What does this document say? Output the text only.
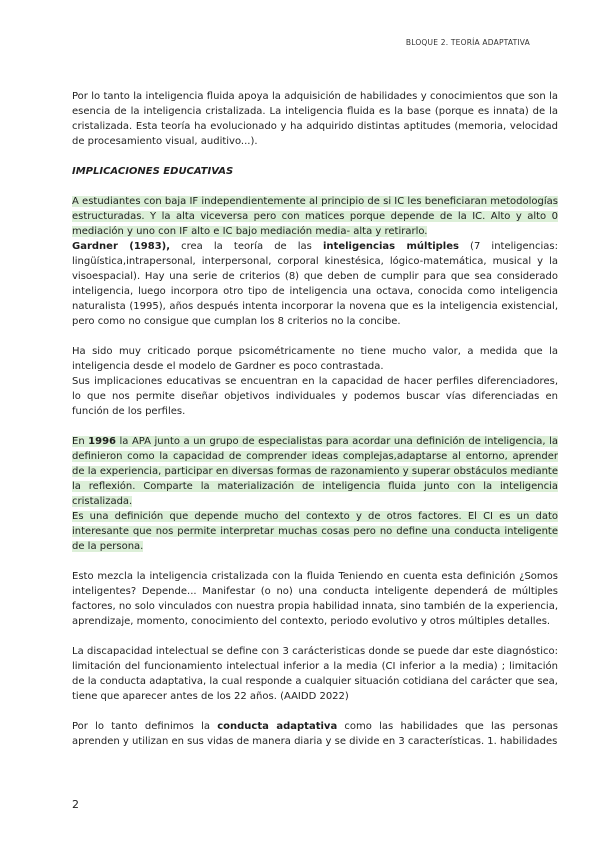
BLOQUE 2. TEORÍA ADAPTATIVA

Por lo tanto la inteligencia fluida apoya la adquisición de habilidades y conocimientos que son la esencia de la inteligencia cristalizada. La inteligencia fluida es la base (porque es innata) de la cristalizada. Esta teoría ha evolucionado y ha adquirido distintas aptitudes (memoria, velocidad de procesamiento visual, auditivo...).

IMPLICACIONES EDUCATIVAS

A estudiantes con baja IF independientemente al principio de si IC les beneficiaran metodologías estructuradas. Y la alta viceversa pero con matices porque depende de la IC. Alto y alto 0 mediación y uno con IF alto e IC bajo mediación media- alta y retirarlo.

Gardner (1983), crea la teoría de las inteligencias múltiples (7 inteligencias: lingüística,intrapersonal, interpersonal, corporal kinestésica, lógico-matemática, musical y la visoespacial). Hay una serie de criterios (8) que deben de cumplir para que sea considerado inteligencia, luego incorpora otro tipo de inteligencia una octava, conocida como inteligencia naturalista (1995), años después intenta incorporar la novena que es la inteligencia existencial, pero como no consigue que cumplan los 8 criterios no la concibe.

Ha sido muy criticado porque psicométricamente no tiene mucho valor, a medida que la inteligencia desde el modelo de Gardner es poco contrastada.

Sus implicaciones educativas se encuentran en la capacidad de hacer perfiles diferenciadores, lo que nos permite diseñar objetivos individuales y podemos buscar vías diferenciadas en función de los perfiles.

En 1996 la APA junto a un grupo de especialistas para acordar una definición de inteligencia, la definieron como la capacidad de comprender ideas complejas,adaptarse al entorno, aprender de la experiencia, participar en diversas formas de razonamiento y superar obstáculos mediante la reflexión. Comparte la materialización de inteligencia fluida junto con la inteligencia cristalizada.

Es una definición que depende mucho del contexto y de otros factores. El CI es un dato interesante que nos permite interpretar muchas cosas pero no define una conducta inteligente de la persona.

Esto mezcla la inteligencia cristalizada con la fluida Teniendo en cuenta esta definición ¿Somos inteligentes? Depende... Manifestar (o no) una conducta inteligente dependerá de múltiples factores, no solo vinculados con nuestra propia habilidad innata, sino también de la experiencia, aprendizaje, momento, conocimiento del contexto, periodo evolutivo y otros múltiples detalles.

La discapacidad intelectual se define con 3 carácteristicas donde se puede dar este diagnóstico: limitación del funcionamiento intelectual inferior a la media (CI inferior a la media) ; limitación de la conducta adaptativa, la cual responde a cualquier situación cotidiana del carácter que sea, tiene que aparecer antes de los 22 años. (AAIDD 2022)

Por lo tanto definimos la conducta adaptativa como las habilidades que las personas aprenden y utilizan en sus vidas de manera diaria y se divide en 3 características. 1. habilidades

2
